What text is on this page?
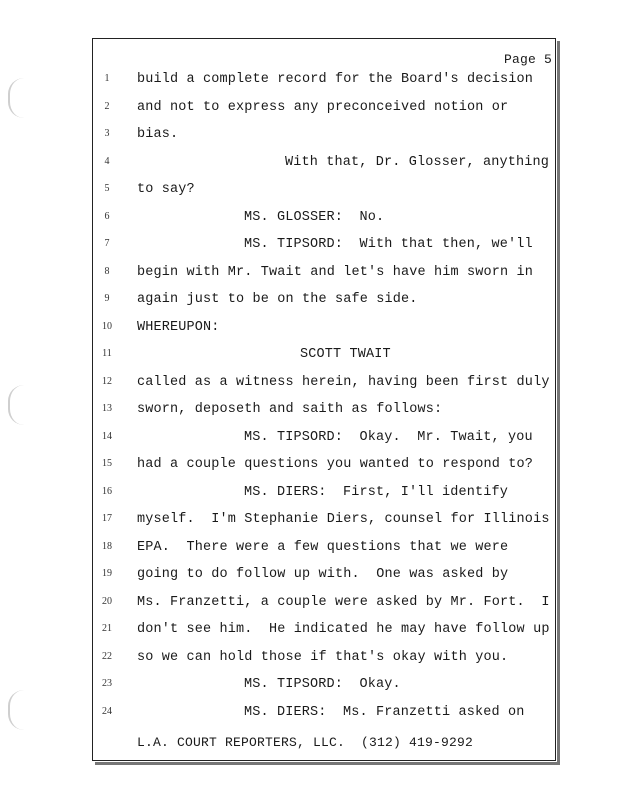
Page 5
1	build a complete record for the Board's decision
2	and not to express any preconceived notion or
3	bias.
4	With that, Dr. Glosser, anything
5	to say?
6	MS. GLOSSER:  No.
7	MS. TIPSORD:  With that then, we'll
8	begin with Mr. Twait and let's have him sworn in
9	again just to be on the safe side.
10	WHEREUPON:
11	SCOTT TWAIT
12	called as a witness herein, having been first duly
13	sworn, deposeth and saith as follows:
14	MS. TIPSORD:  Okay.  Mr. Twait, you
15	had a couple questions you wanted to respond to?
16	MS. DIERS:  First, I'll identify
17	myself.  I'm Stephanie Diers, counsel for Illinois
18	EPA.  There were a few questions that we were
19	going to do follow up with.  One was asked by
20	Ms. Franzetti, a couple were asked by Mr. Fort.  I
21	don't see him.  He indicated he may have follow up
22	so we can hold those if that's okay with you.
23	MS. TIPSORD:  Okay.
24	MS. DIERS:  Ms. Franzetti asked on
L.A. COURT REPORTERS, LLC.  (312) 419-9292
